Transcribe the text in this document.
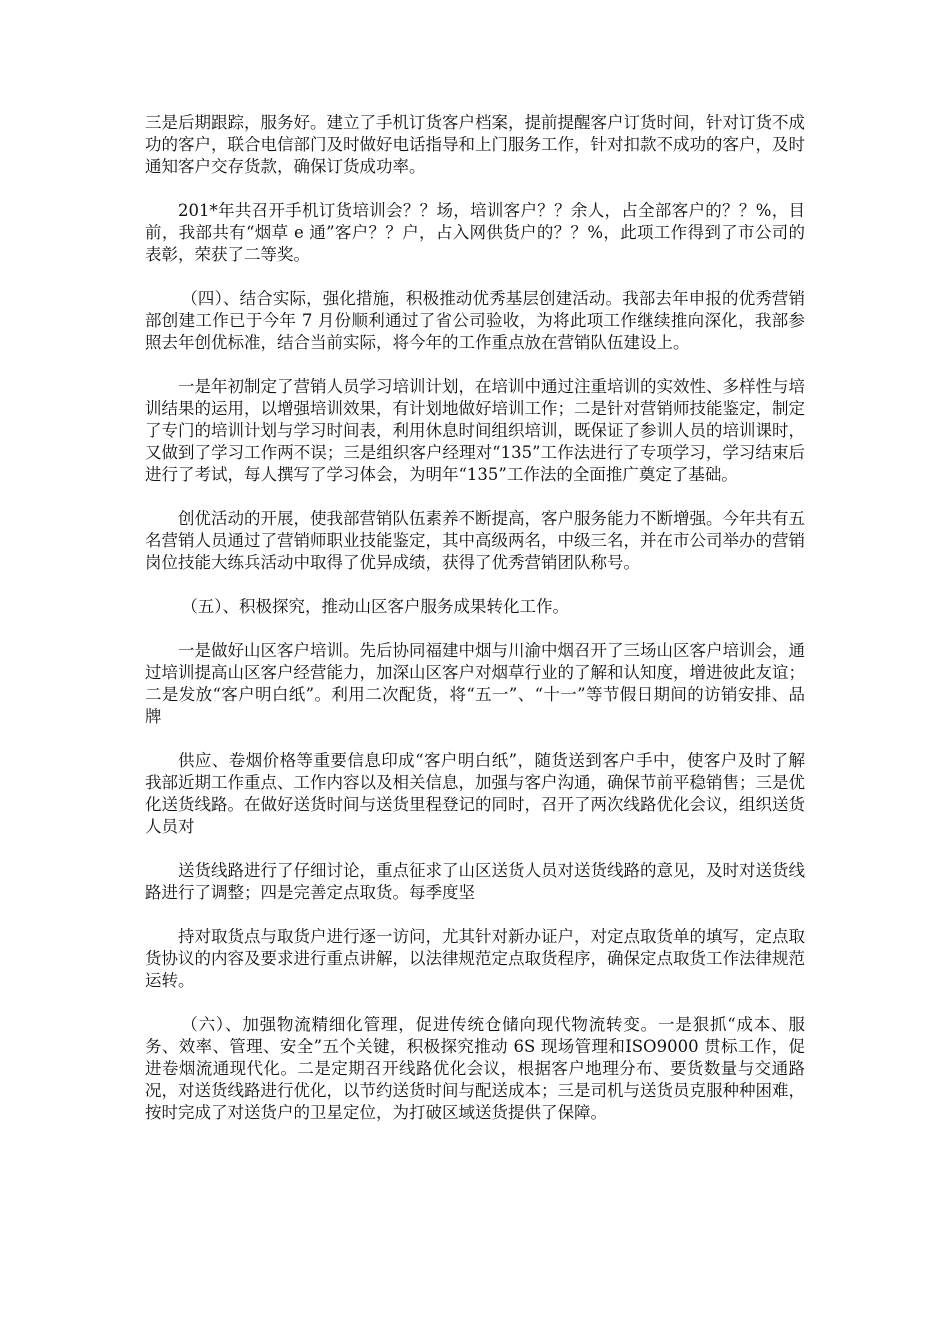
三是后期跟踪，服务好。建立了手机订货客户档案，提前提醒客户订货时间，针对订货不成功的客户，联合电信部门及时做好电话指导和上门服务工作，针对扣款不成功的客户，及时通知客户交存货款，确保订货成功率。

201*年共召开手机订货培训会？？场，培训客户？？余人，占全部客户的？？%，目前，我部共有“烟草 e 通”客户？？户，占入网供货户的？？%，此项工作得到了市公司的表彰，荣获了二等奖。

（四）、结合实际，强化措施，积极推动优秀基层创建活动。我部去年申报的优秀营销部创建工作已于今年 7 月份顺利通过了省公司验收，为将此项工作继续推向深化，我部参照去年创优标准，结合当前实际，将今年的工作重点放在营销队伍建设上。

一是年初制定了营销人员学习培训计划，在培训中通过注重培训的实效性、多样性与培训结果的运用，以增强培训效果，有计划地做好培训工作；二是针对营销师技能鉴定，制定了专门的培训计划与学习时间表，利用休息时间组织培训，既保证了参训人员的培训课时，又做到了学习工作两不误；三是组织客户经理对“135”工作法进行了专项学习，学习结束后进行了考试，每人撰写了学习体会，为明年“135”工作法的全面推广奠定了基础。

创优活动的开展，使我部营销队伍素养不断提高，客户服务能力不断增强。今年共有五名营销人员通过了营销师职业技能鉴定，其中高级两名，中级三名，并在市公司举办的营销岗位技能大练兵活动中取得了优异成绩，获得了优秀营销团队称号。

（五）、积极探究，推动山区客户服务成果转化工作。

一是做好山区客户培训。先后协同福建中烟与川渝中烟召开了三场山区客户培训会，通过培训提高山区客户经营能力，加深山区客户对烟草行业的了解和认知度，增进彼此友谊；二是发放“客户明白纸”。利用二次配货，将“五一”、“十一”等节假日期间的访销安排、品牌

供应、卷烟价格等重要信息印成“客户明白纸”，随货送到客户手中，使客户及时了解我部近期工作重点、工作内容以及相关信息，加强与客户沟通，确保节前平稳销售；三是优化送货线路。在做好送货时间与送货里程登记的同时，召开了两次线路优化会议，组织送货人员对

送货线路进行了仔细讨论，重点征求了山区送货人员对送货线路的意见，及时对送货线路进行了调整；四是完善定点取货。每季度坚

持对取货点与取货户进行逐一访问，尤其针对新办证户，对定点取货单的填写，定点取货协议的内容及要求进行重点讲解，以法律规范定点取货程序，确保定点取货工作法律规范运转。

（六）、加强物流精细化管理，促进传统仓储向现代物流转变。一是狠抓“成本、服务、效率、管理、安全”五个关键，积极探究推动 6S 现场管理和ISO9000 贯标工作，促进卷烟流通现代化。二是定期召开线路优化会议，根据客户地理分布、要货数量与交通路况，对送货线路进行优化，以节约送货时间与配送成本；三是司机与送货员克服种种困难，按时完成了对送货户的卫星定位，为打破区域送货提供了保障。
